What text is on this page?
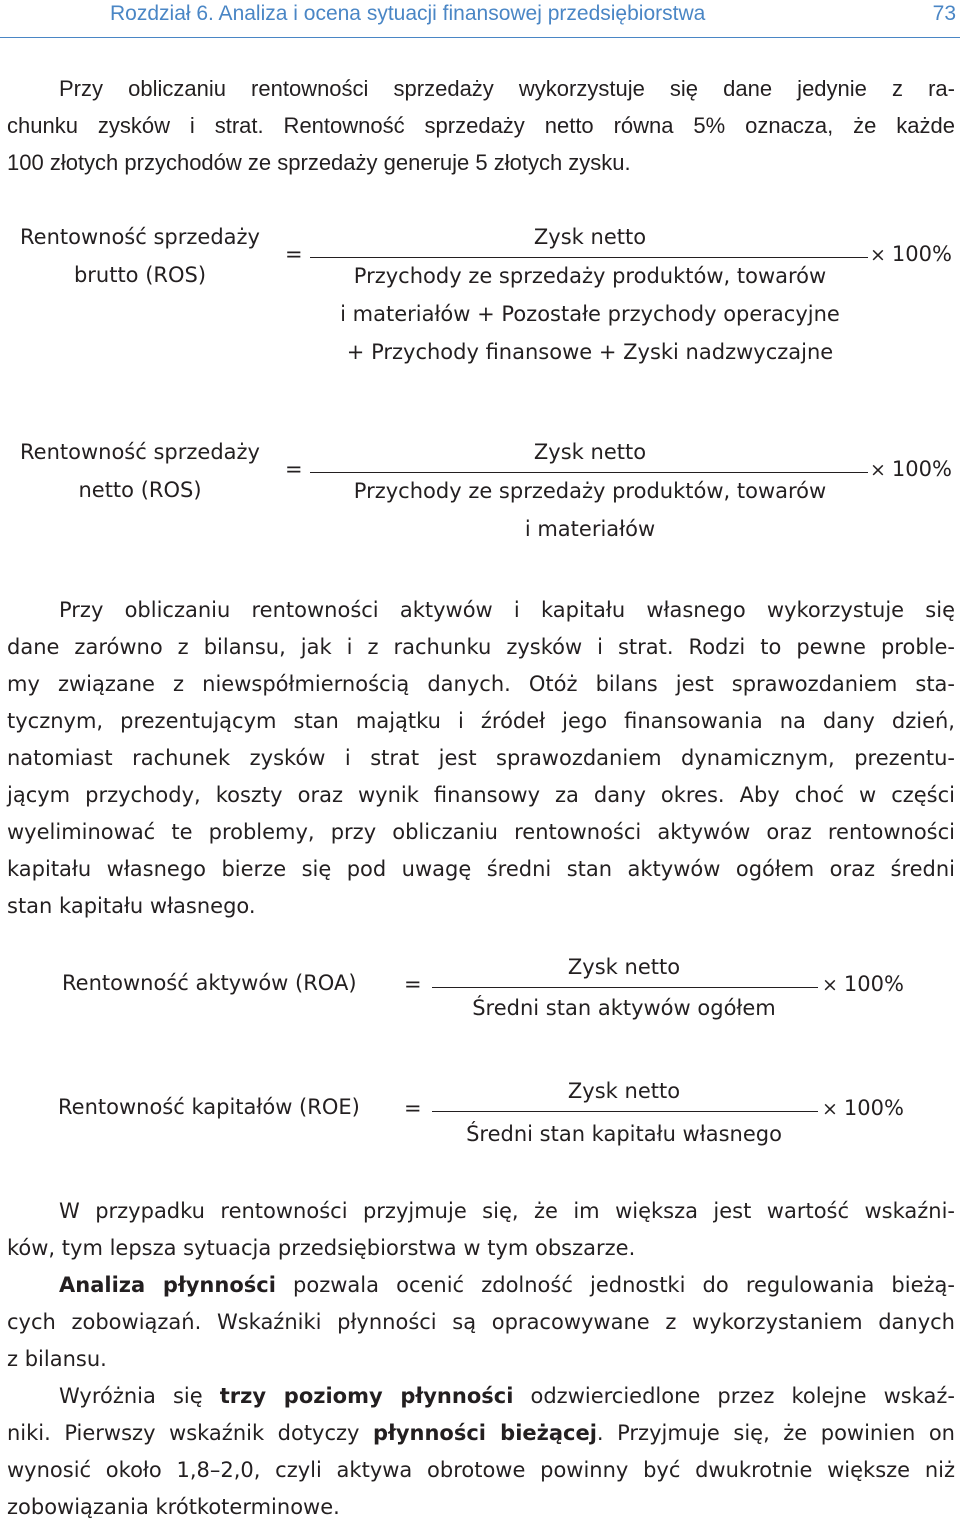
Rozdział 6. Analiza i ocena sytuacji finansowej przedsiębiorstwa	73
Przy obliczaniu rentowności sprzedaży wykorzystuje się dane jedynie z ra-
chunku zysków i strat. Rentowność sprzedaży netto równa 5% oznacza, że każde
100 złotych przychodów ze sprzedaży generuje 5 złotych zysku.
Rentowność sprzedaży
brutto (ROS)
=
Zysk netto
Przychody ze sprzedaży produktów, towarów
i materiałów + Pozostałe przychody operacyjne
+ Przychody finansowe + Zyski nadzwyczajne
× 100%
Rentowność sprzedaży
netto (ROS)
=
Zysk netto
Przychody ze sprzedaży produktów, towarów
i materiałów
× 100%
Przy obliczaniu rentowności aktywów i kapitału własnego wykorzystuje się
dane zarówno z bilansu, jak i z rachunku zysków i strat. Rodzi to pewne proble-
my związane z niewspółmiernością danych. Otóż bilans jest sprawozdaniem sta-
tycznym, prezentującym stan majątku i źródeł jego finansowania na dany dzień,
natomiast rachunek zysków i strat jest sprawozdaniem dynamicznym, prezentu-
jącym przychody, koszty oraz wynik finansowy za dany okres. Aby choć w części
wyeliminować te problemy, przy obliczaniu rentowności aktywów oraz rentowności
kapitału własnego bierze się pod uwagę średni stan aktywów ogółem oraz średni
stan kapitału własnego.
Rentowność aktywów (ROA) =
Zysk netto
Średni stan aktywów ogółem
× 100%
Rentowność kapitałów (ROE) =
Zysk netto
Średni stan kapitału własnego
× 100%
W przypadku rentowności przyjmuje się, że im większa jest wartość wskaźni-
ków, tym lepsza sytuacja przedsiębiorstwa w tym obszarze.
Analiza płynności pozwala ocenić zdolność jednostki do regulowania bieżą-
cych zobowiązań. Wskaźniki płynności są opracowywane z wykorzystaniem danych
z bilansu.
Wyróżnia się trzy poziomy płynności odzwierciedlone przez kolejne wskaź-
niki. Pierwszy wskaźnik dotyczy płynności bieżącej. Przyjmuje się, że powinien on
wynosić około 1,8–2,0, czyli aktywa obrotowe powinny być dwukrotnie większe niż
zobowiązania krótkoterminowe.
